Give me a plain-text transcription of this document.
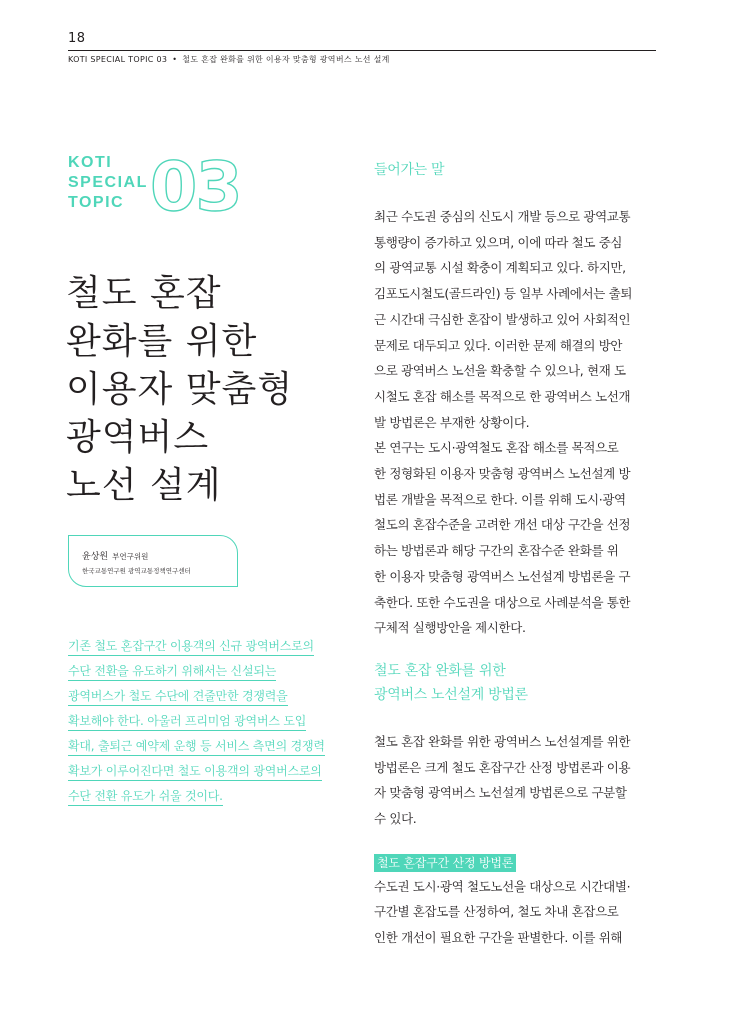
18
KOTI SPECIAL TOPIC 03 • 철도 혼잡 완화를 위한 이용자 맞춤형 광역버스 노선 설계
KOTI
SPECIAL
TOPIC 03
철도 혼잡
완화를 위한
이용자 맞춤형
광역버스
노선 설계
윤상원 부연구위원
한국교통연구원 광역교통정책연구센터
기존 철도 혼잡구간 이용객의 신규 광역버스로의
수단 전환을 유도하기 위해서는 신설되는
광역버스가 철도 수단에 견줄만한 경쟁력을
확보해야 한다. 아울러 프리미엄 광역버스 도입
확대, 출퇴근 예약제 운행 등 서비스 측면의 경쟁력
확보가 이루어진다면 철도 이용객의 광역버스로의
수단 전환 유도가 쉬울 것이다.
들어가는 말

최근 수도권 중심의 신도시 개발 등으로 광역교통

통행량이 증가하고 있으며, 이에 따라 철도 중심

의 광역교통 시설 확충이 계획되고 있다. 하지만,

김포도시철도(골드라인) 등 일부 사례에서는 출퇴

근 시간대 극심한 혼잡이 발생하고 있어 사회적인

문제로 대두되고 있다. 이러한 문제 해결의 방안

으로 광역버스 노선을 확충할 수 있으나, 현재 도

시철도 혼잡 해소를 목적으로 한 광역버스 노선개

발 방법론은 부재한 상황이다.

본 연구는 도시·광역철도 혼잡 해소를 목적으로

한 정형화된 이용자 맞춤형 광역버스 노선설계 방

법론 개발을 목적으로 한다. 이를 위해 도시·광역

철도의 혼잡수준을 고려한 개선 대상 구간을 선정

하는 방법론과 해당 구간의 혼잡수준 완화를 위

한 이용자 맞춤형 광역버스 노선설계 방법론을 구

축한다. 또한 수도권을 대상으로 사례분석을 통한

구체적 실행방안을 제시한다.

철도 혼잡 완화를 위한
광역버스 노선설계 방법론

철도 혼잡 완화를 위한 광역버스 노선설계를 위한

방법론은 크게 철도 혼잡구간 산정 방법론과 이용

자 맞춤형 광역버스 노선설계 방법론으로 구분할

수 있다.

철도 혼잡구간 산정 방법론

수도권 도시·광역 철도노선을 대상으로 시간대별·

구간별 혼잡도를 산정하여, 철도 차내 혼잡으로

인한 개선이 필요한 구간을 판별한다. 이를 위해
